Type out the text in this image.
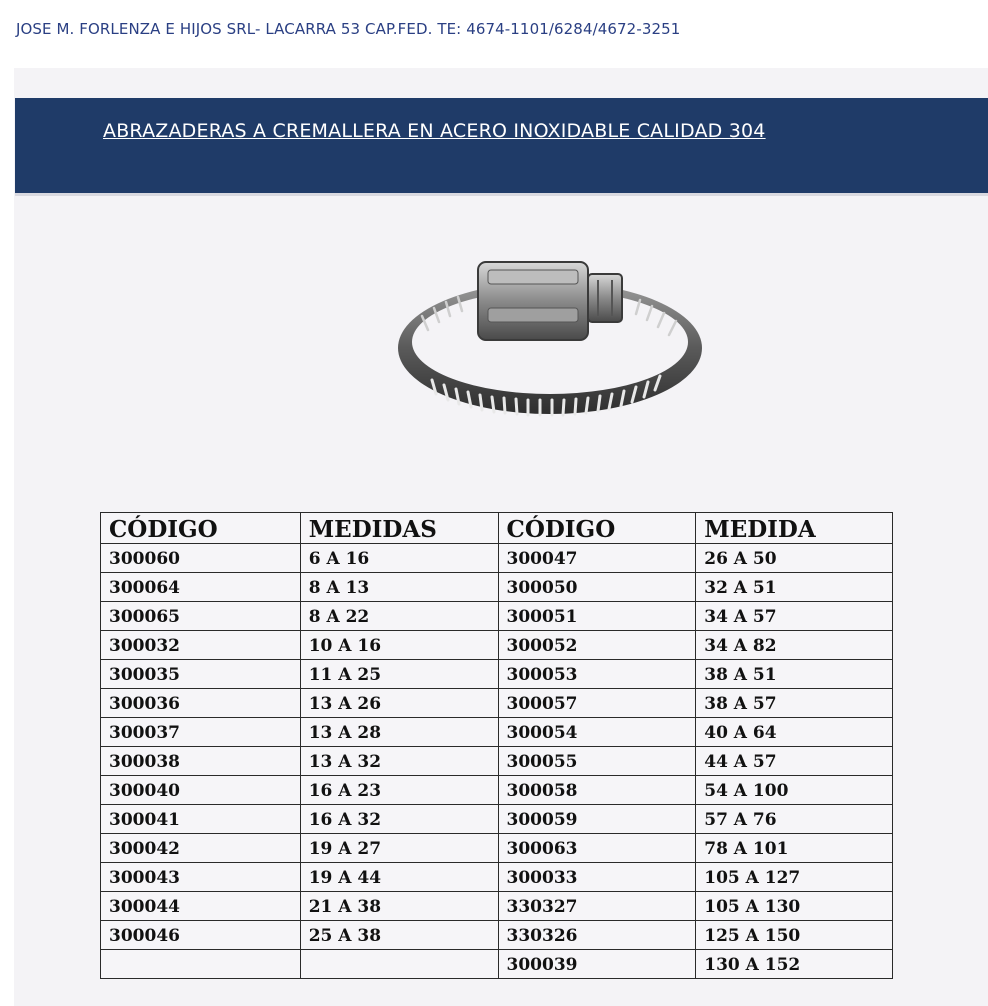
JOSE M. FORLENZA E HIJOS SRL- LACARRA 53 CAP.FED. TE: 4674-1101/6284/4672-3251
ABRAZADERAS A CREMALLERA EN ACERO INOXIDABLE CALIDAD 304
CÓDIGO	MEDIDAS	CÓDIGO	MEDIDA
300060	6 A 16	300047	26 A 50
300064	8 A 13	300050	32 A 51
300065	8 A 22	300051	34 A 57
300032	10 A 16	300052	34 A 82
300035	11 A 25	300053	38 A 51
300036	13 A 26	300057	38 A 57
300037	13 A 28	300054	40 A 64
300038	13 A 32	300055	44 A 57
300040	16 A 23	300058	54 A 100
300041	16 A 32	300059	57 A 76
300042	19 A 27	300063	78 A 101
300043	19 A 44	300033	105 A 127
300044	21 A 38	330327	105 A 130
300046	25 A 38	330326	125 A 150
		300039	130 A 152
